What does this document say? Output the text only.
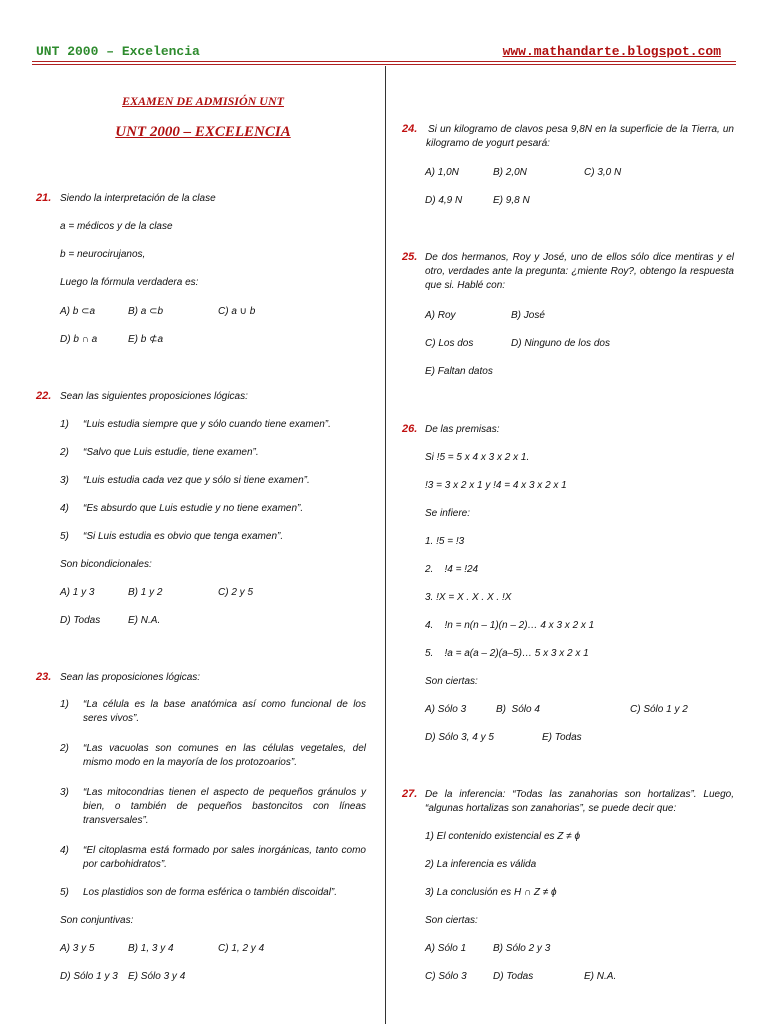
UNT 2000 – Excelencia	www.mathandarte.blogspot.com
EXAMEN DE ADMISIÓN UNT
UNT 2000 – EXCELENCIA
21. Siendo la interpretación de la clase
a = médicos y de la clase
b = neurocirujanos,
Luego la fórmula verdadera es:
A) b ⊂a	B) a ⊂b	C) a ∪ b
D) b ∩ a	E) b ⊄a
22. Sean las siguientes proposiciones lógicas:
1) “Luis estudia siempre que y sólo cuando tiene examen”.
2) “Salvo que Luis estudie, tiene examen”.
3) “Luis estudia cada vez que y sólo si tiene examen”.
4) “Es absurdo que Luis estudie y no tiene examen”.
5) “Si Luis estudia es obvio que tenga examen”.
Son bicondicionales:
A) 1 y 3	B) 1 y 2	C) 2 y 5
D) Todas	E) N.A.
23. Sean las proposiciones lógicas:
1) “La célula es la base anatómica así como funcional de los seres vivos”.
2) “Las vacuolas son comunes en las células vegetales, del mismo modo en la mayoría de los protozoarios”.
3) “Las mitocondrias tienen el aspecto de pequeños gránulos y bien, o también de pequeños bastoncitos con líneas transversales”.
4) “El citoplasma está formado por sales inorgánicas, tanto como por carbohidratos”.
5) Los plastidios son de forma esférica o también discoidal”.
Son conjuntivas:
A) 3 y 5	B) 1, 3 y 4	C) 1, 2 y 4
D) Sólo 1 y 3 E) Sólo 3 y 4
24. Si un kilogramo de clavos pesa 9,8N en la superficie de la Tierra, un kilogramo de yogurt pesará:
A) 1,0N	B) 2,0N	C) 3,0 N
D) 4,9 N	E) 9,8 N
25. De dos hermanos, Roy y José, uno de ellos sólo dice mentiras y el otro, verdades ante la pregunta: ¿miente Roy?, obtengo la respuesta que si. Hablé con:
A) Roy	B) José
C) Los dos	D) Ninguno de los dos
E) Faltan datos
26. De las premisas:
Si !5 = 5 x 4 x 3 x 2 x 1.
!3 = 3 x 2 x 1 y !4 = 4 x 3 x 2 x 1
Se infiere:
1. !5 = !3
2.    !4 = !24
3. !X = X . X . X . !X
4.    !n = n(n – 1)(n – 2)… 4 x 3 x 2 x 1
5.    !a = a(a – 2)(a–5)… 5 x 3 x 2 x 1
Son ciertas:
A) Sólo 3	B)  Sólo 4	C) Sólo 1 y 2
D) Sólo 3, 4 y 5	E) Todas
27. De la inferencia: “Todas las zanahorias son hortalizas”. Luego, “algunas hortalizas son zanahorias”, se puede decir que:
1) El contenido existencial es Z ≠ ϕ
2) La inferencia es válida
3) La conclusión es H ∩ Z ≠ ϕ
Son ciertas:
A) Sólo 1	B) Sólo 2 y 3
C) Sólo 3	D) Todas	E) N.A.
